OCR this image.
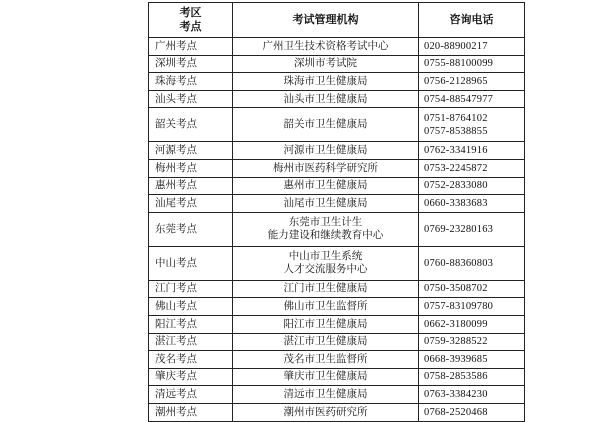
考区
考点	考试管理机构	咨询电话
广州考点	广州卫生技术资格考试中心	020-88900217

深圳考点	深圳市考试院	0755-88100099

珠海考点	珠海市卫生健康局	0756-2128965

汕头考点	汕头市卫生健康局	0754-88547977

韶关考点	韶关市卫生健康局	0751-8764102
0757-8538855

河源考点	河源市卫生健康局	0762-3341916

梅州考点	梅州市医药科学研究所	0753-2245872

惠州考点	惠州市卫生健康局	0752-2833080

汕尾考点	汕尾市卫生健康局	0660-3383683

东莞考点	东莞市卫生计生
能力建设和继续教育中心	0769-23280163

中山考点	中山市卫生系统
人才交流服务中心	0760-88360803

江门考点	江门市卫生健康局	0750-3508702

佛山考点	佛山市卫生监督所	0757-83109780

阳江考点	阳江市卫生健康局	0662-3180099

湛江考点	湛江市卫生健康局	0759-3288522

茂名考点	茂名市卫生监督所	0668-3939685

肇庆考点	肇庆市卫生健康局	0758-2853586

清远考点	清远市卫生健康局	0763-3384230

潮州考点	潮州市医药研究所	0768-2520468
